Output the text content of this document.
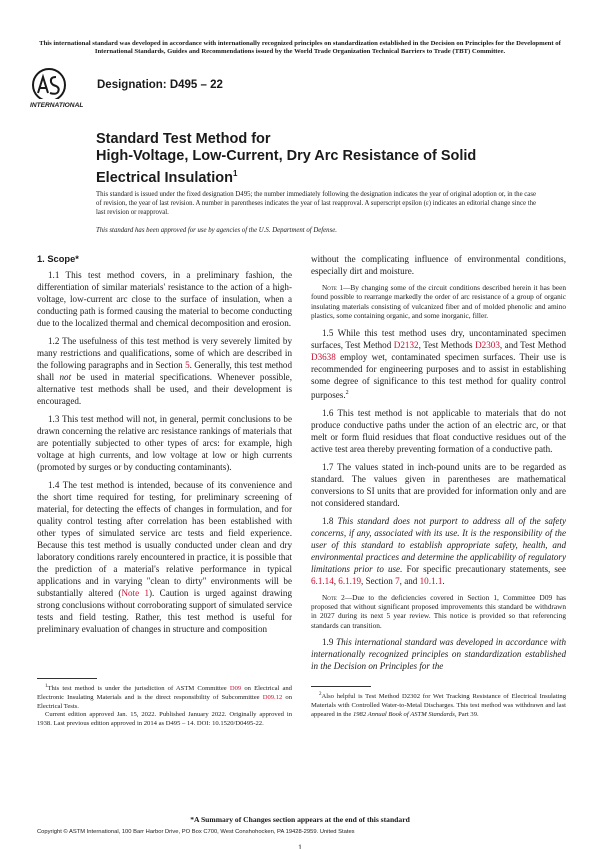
This international standard was developed in accordance with internationally recognized principles on standardization established in the Decision on Principles for the Development of International Standards, Guides and Recommendations issued by the World Trade Organization Technical Barriers to Trade (TBT) Committee.
INTERNATIONAL
Designation: D495 – 22
Standard Test Method for
High-Voltage, Low-Current, Dry Arc Resistance of Solid Electrical Insulation$^1$
This standard is issued under the fixed designation D495; the number immediately following the designation indicates the year of original adoption or, in the case of revision, the year of last revision. A number in parentheses indicates the year of last reapproval. A superscript epsilon (ε) indicates an editorial change since the last revision or reapproval.
This standard has been approved for use by agencies of the U.S. Department of Defense.
1. Scope*

1.1 This test method covers, in a preliminary fashion, the differentiation of similar materials' resistance to the action of a high-voltage, low-current arc close to the surface of insulation, when a conducting path is formed causing the material to become conducting due to the localized thermal and chemical decomposition and erosion.

1.2 The usefulness of this test method is very severely limited by many restrictions and qualifications, some of which are described in the following paragraphs and in Section 5. Generally, this test method shall not be used in material specifications. Whenever possible, alternative test methods shall be used, and their development is encouraged.

1.3 This test method will not, in general, permit conclusions to be drawn concerning the relative arc resistance rankings of materials that are potentially subjected to other types of arcs: for example, high voltage at high currents, and low voltage at low or high currents (promoted by surges or by conducting contaminants).

1.4 The test method is intended, because of its convenience and the short time required for testing, for preliminary screening of material, for detecting the effects of changes in formulation, and for quality control testing after correlation has been established with other types of simulated service arc tests and field experience. Because this test method is usually conducted under clean and dry laboratory conditions rarely encountered in practice, it is possible that the prediction of a material's relative performance in typical applications and in varying "clean to dirty" environments will be substantially altered (Note 1). Caution is urged against drawing strong conclusions without corroborating support of simulated service tests and field testing. Rather, this test method is useful for preliminary evaluation of changes in structure and composition

without the complicating influence of environmental conditions, especially dirt and moisture.

Note 1—By changing some of the circuit conditions described herein it has been found possible to rearrange markedly the order of arc resistance of a group of organic insulating materials consisting of vulcanized fiber and of molded phenolic and amino plastics, some containing organic, and some inorganic, filler.

1.5 While this test method uses dry, uncontaminated specimen surfaces, Test Method D2132, Test Methods D2303, and Test Method D3638 employ wet, contaminated specimen surfaces. Their use is recommended for engineering purposes and to assist in establishing some degree of significance to this test method for quality control purposes.$^2$

1.6 This test method is not applicable to materials that do not produce conductive paths under the action of an electric arc, or that melt or form fluid residues that float conductive residues out of the active test area thereby preventing formation of a conductive path.

1.7 The values stated in inch-pound units are to be regarded as standard. The values given in parentheses are mathematical conversions to SI units that are provided for information only and are not considered standard.

1.8 This standard does not purport to address all of the safety concerns, if any, associated with its use. It is the responsibility of the user of this standard to establish appropriate safety, health, and environmental practices and determine the applicability of regulatory limitations prior to use. For specific precautionary statements, see 6.1.14, 6.1.19, Section 7, and 10.1.1.

Note 2—Due to the deficiencies covered in Section 1, Committee D09 has proposed that without significant proposed improvements this standard be withdrawn in 2027 during its next 5 year review. This notice is provided so that referencing standards can transition.

1.9 This international standard was developed in accordance with internationally recognized principles on standardization established in the Decision on Principles for the

$^1$This test method is under the jurisdiction of ASTM Committee D09 on Electrical and Electronic Insulating Materials and is the direct responsibility of Subcommittee D09.12 on Electrical Tests.

Current edition approved Jan. 15, 2022. Published January 2022. Originally approved in 1938. Last previous edition approved in 2014 as D495 – 14. DOI: 10.1520/D0495-22.

$^2$Also helpful is Test Method D2302 for Wet Tracking Resistance of Electrical Insulating Materials with Controlled Water-to-Metal Discharges. This test method was withdrawn and last appeared in the 1982 Annual Book of ASTM Standards, Part 39.

*A Summary of Changes section appears at the end of this standard
Copyright © ASTM International, 100 Barr Harbor Drive, PO Box C700, West Conshohocken, PA 19428-2959. United States
1
